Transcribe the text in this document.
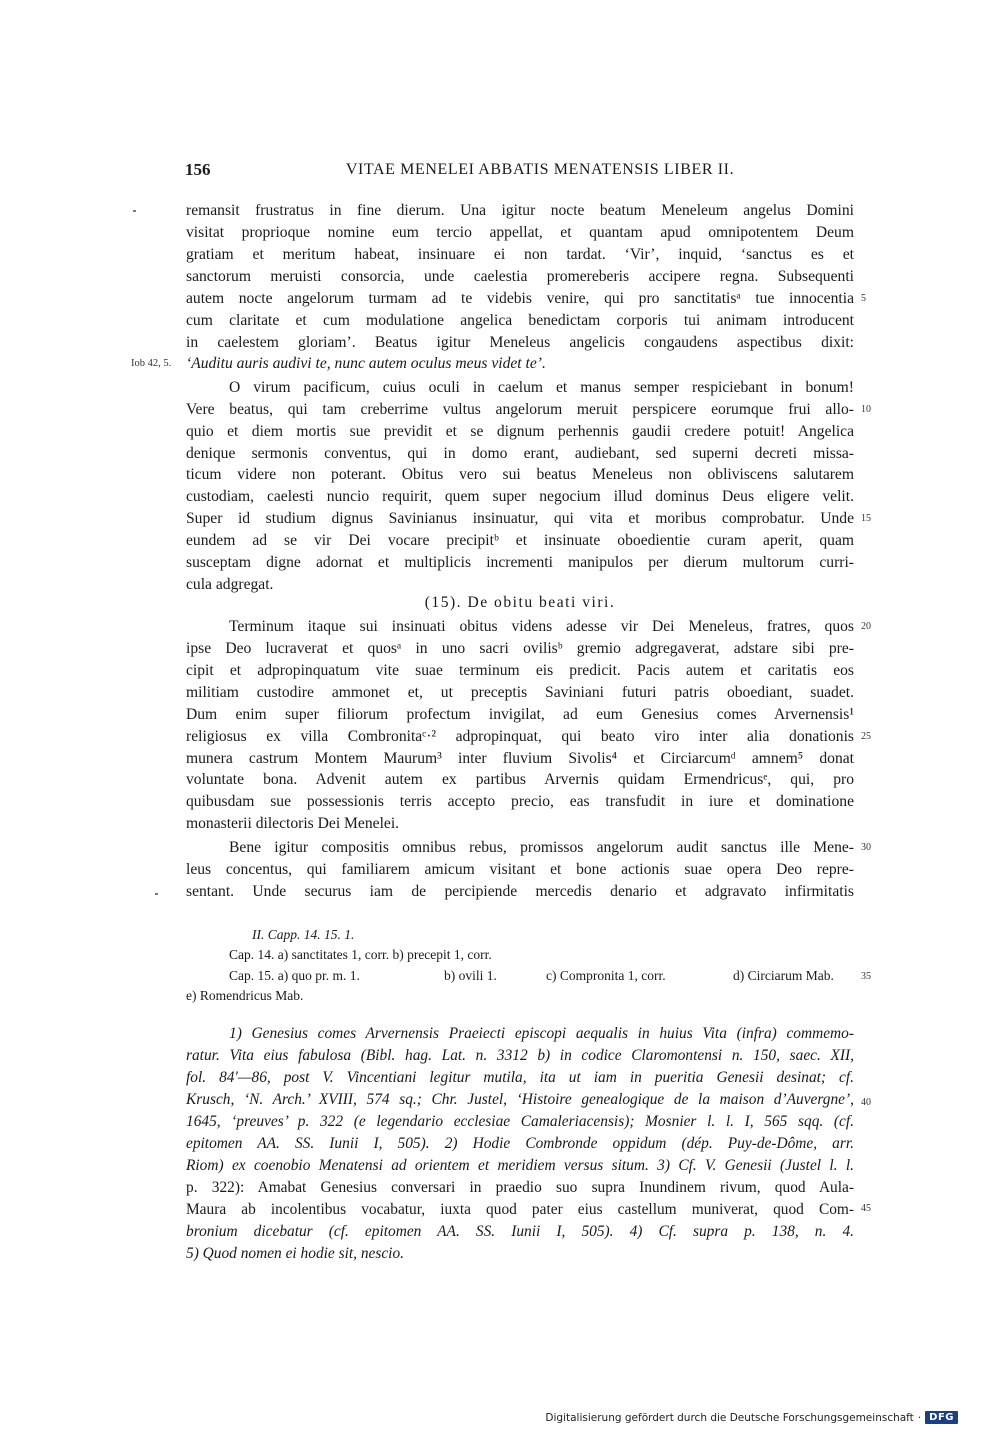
156	VITAE MENELEI ABBATIS MENATENSIS LIBER II.
remansit frustratus in fine dierum. Una igitur nocte beatum Meneleum angelus Domini
visitat proprioque nomine eum tercio appellat, et quantam apud omnipotentem Deum
gratiam et meritum habeat, insinuare ei non tardat. ‘Vir’, inquid, ‘sanctus es et
sanctorum meruisti consorcia, unde caelestia promereberis accipere regna. Subsequenti
autem nocte angelorum turmam ad te videbis venire, qui pro sanctitatisᵃ tue innocentia
cum claritate et cum modulatione angelica benedictam corporis tui animam introducent
in caelestem gloriam’. Beatus igitur Meneleus angelicis congaudens aspectibus dixit:
‘Auditu auris audivi te, nunc autem oculus meus videt te’.
O virum pacificum, cuius oculi in caelum et manus semper respiciebant in bonum!
Vere beatus, qui tam creberrime vultus angelorum meruit perspicere eorumque frui allo-
quio et diem mortis sue previdit et se dignum perhennis gaudii credere potuit! Angelica
denique sermonis conventus, qui in domo erant, audiebant, sed superni decreti missa-
ticum videre non poterant. Obitus vero sui beatus Meneleus non obliviscens salutarem
custodiam, caelesti nuncio requirit, quem super negocium illud dominus Deus eligere velit.
Super id studium dignus Savinianus insinuatur, qui vita et moribus comprobatur. Unde
eundem ad se vir Dei vocare precipitᵇ et insinuate oboedientie curam aperit, quam
susceptam digne adornat et multiplicis incrementi manipulos per dierum multorum curri-
cula adgregat.
(15). De obitu beati viri.
Terminum itaque sui insinuati obitus videns adesse vir Dei Meneleus, fratres, quos
ipse Deo lucraverat et quosᵃ in uno sacri ovilisᵇ gremio adgregaverat, adstare sibi pre-
cipit et adpropinquatum vite suae terminum eis predicit. Pacis autem et caritatis eos
militiam custodire ammonet et, ut preceptis Saviniani futuri patris oboediant, suadet.
Dum enim super filiorum profectum invigilat, ad eum Genesius comes Arvernensis¹
religiosus ex villa Combronitaᶜ·² adpropinquat, qui beato viro inter alia donationis
munera castrum Montem Maurum³ inter fluvium Sivolis⁴ et Circiarcumᵈ amnem⁵ donat
voluntate bona. Advenit autem ex partibus Arvernis quidam Ermendricusᵉ, qui, pro
quibusdam sue possessionis terris accepto precio, eas transfudit in iure et dominatione
monasterii dilectoris Dei Menelei.
Bene igitur compositis omnibus rebus, promissos angelorum audit sanctus ille Mene-
leus concentus, qui familiarem amicum visitant et bone actionis suae opera Deo repre-
sentant. Unde securus iam de percipiende mercedis denario et adgravato infirmitatis
Iob 42, 5.
5
10
15
20
25
30
35
40
45
II. Capp. 14. 15. 1.
Cap. 14. a) sanctitates 1, corr. b) precepit 1, corr.
Cap. 15. a) quo pr. m. 1.	b) ovili 1.	c) Compronita 1, corr.	d) Circiarum Mab.
e) Romendricus Mab.
1) Genesius comes Arvernensis Praeiecti episcopi aequalis in huius Vita (infra) commemo-
ratur. Vita eius fabulosa (Bibl. hag. Lat. n. 3312 b) in codice Claromontensi n. 150, saec. XII,
fol. 84′—86, post V. Vincentiani legitur mutila, ita ut iam in pueritia Genesii desinat; cf.
Krusch, ‘N. Arch.’ XVIII, 574 sq.; Chr. Justel, ‘Histoire genealogique de la maison d’Auvergne’,
1645, ‘preuves’ p. 322 (e legendario ecclesiae Camaleriacensis); Mosnier l. l. I, 565 sqq. (cf.
epitomen AA. SS. Iunii I, 505). 2) Hodie Combronde oppidum (dép. Puy-de-Dôme, arr.
Riom) ex coenobio Menatensi ad orientem et meridiem versus situm. 3) Cf. V. Genesii (Justel l. l.
p. 322): Amabat Genesius conversari in praedio suo supra Inundinem rivum, quod Aula-
Maura ab incolentibus vocabatur, iuxta quod pater eius castellum muniverat, quod Com-
bronium dicebatur (cf. epitomen AA. SS. Iunii I, 505). 4) Cf. supra p. 138, n. 4.
5) Quod nomen ei hodie sit, nescio.
Digitalisierung gefördert durch die Deutsche Forschungsgemeinschaft · DFG
